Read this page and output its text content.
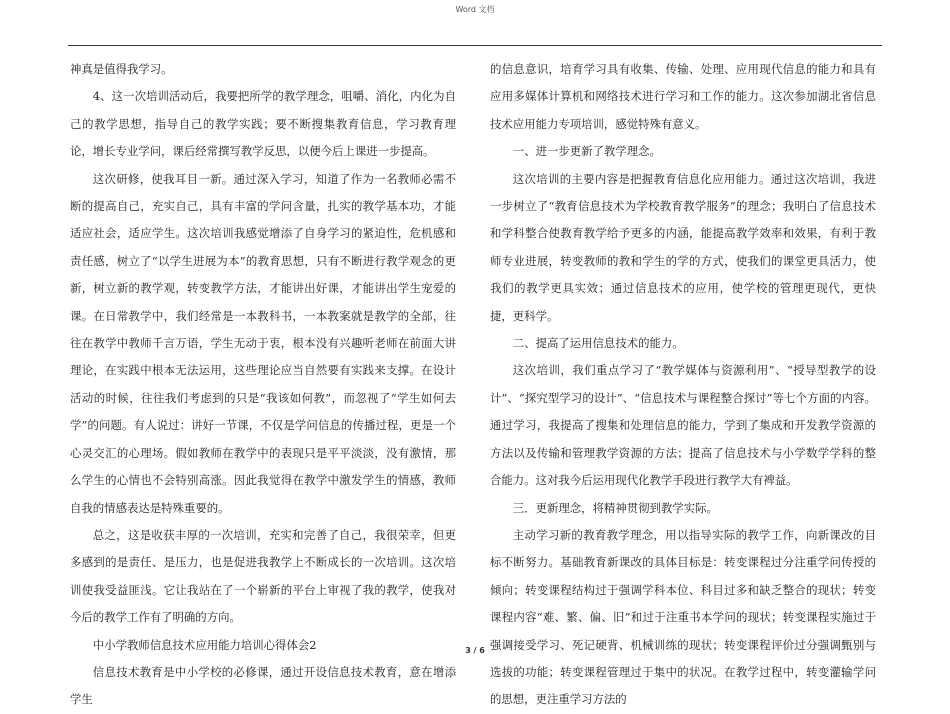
Word 文档

神真是值得我学习。

4、这一次培训活动后，我要把所学的教学理念，咀嚼、消化，内化为自己的教学思想，指导自己的教学实践；要不断搜集教育信息，学习教育理论，增长专业学问，课后经常撰写教学反思，以便今后上课进一步提高。

这次研修，使我耳目一新。通过深入学习，知道了作为一名教师必需不断的提高自己，充实自己，具有丰富的学问含量，扎实的教学基本功，才能适应社会，适应学生。这次培训我感觉增添了自身学习的紧迫性，危机感和责任感，树立了“以学生进展为本”的教育思想，只有不断进行教学观念的更新，树立新的教学观，转变教学方法，才能讲出好课，才能讲出学生宠爱的课。在日常教学中，我们经常是一本教科书，一本教案就是教学的全部，往往在教学中教师千言万语，学生无动于衷，根本没有兴趣听老师在前面大讲理论，在实践中根本无法运用，这些理论应当自然要有实践来支撑。在设计活动的时候，往往我们考虑到的只是“我该如何教”，而忽视了“学生如何去学”的问题。有人说过：讲好一节课，不仅是学问信息的传播过程，更是一个心灵交汇的心理场。假如教师在教学中的表现只是平平淡淡，没有激情，那么学生的心情也不会特别高涨。因此我觉得在教学中激发学生的情感，教师自我的情感表达是特殊重要的。

总之，这是收获丰厚的一次培训，充实和完善了自己，我很荣幸，但更多感到的是责任、是压力，也是促进我教学上不断成长的一次培训。这次培训使我受益匪浅。它让我站在了一个崭新的平台上审视了我的教学，使我对今后的教学工作有了明确的方向。

中小学教师信息技术应用能力培训心得体会2

信息技术教育是中小学校的必修课，通过开设信息技术教育，意在增添学生

的信息意识，培育学习具有收集、传输、处理、应用现代信息的能力和具有应用多媒体计算机和网络技术进行学习和工作的能力。这次参加湖北省信息技术应用能力专项培训，感觉特殊有意义。

一、进一步更新了教学理念。

这次培训的主要内容是把握教育信息化应用能力。通过这次培训，我进一步树立了“教育信息技术为学校教育教学服务”的理念；我明白了信息技术和学科整合使教育教学给予更多的内涵，能提高教学效率和效果，有利于教师专业进展，转变教师的教和学生的学的方式，使我们的课堂更具活力，使我们的教学更具实效；通过信息技术的应用，使学校的管理更现代，更快捷，更科学。

二、提高了运用信息技术的能力。

这次培训，我们重点学习了“教学媒体与资源利用”、“授导型教学的设计”、“探究型学习的设计”、“信息技术与课程整合探讨”等七个方面的内容。通过学习，我提高了搜集和处理信息的能力，学到了集成和开发教学资源的方法以及传输和管理教学资源的方法；提高了信息技术与小学数学学科的整合能力。这对我今后运用现代化教学手段进行教学大有裨益。

三．更新理念，将精神贯彻到教学实际。

主动学习新的教育教学理念，用以指导实际的教学工作，向新课改的目标不断努力。基础教育新课改的具体目标是：转变课程过分注重学问传授的倾向；转变课程结构过于强调学科本位、科目过多和缺乏整合的现状；转变课程内容“难、繁、偏、旧”和过于注重书本学问的现状；转变课程实施过于强调接受学习、死记硬背、机械训练的现状；转变课程评价过分强调甄别与选拔的功能；转变课程管理过于集中的状况。在教学过程中，转变灌输学问的思想，更注重学习方法的

3 / 6
